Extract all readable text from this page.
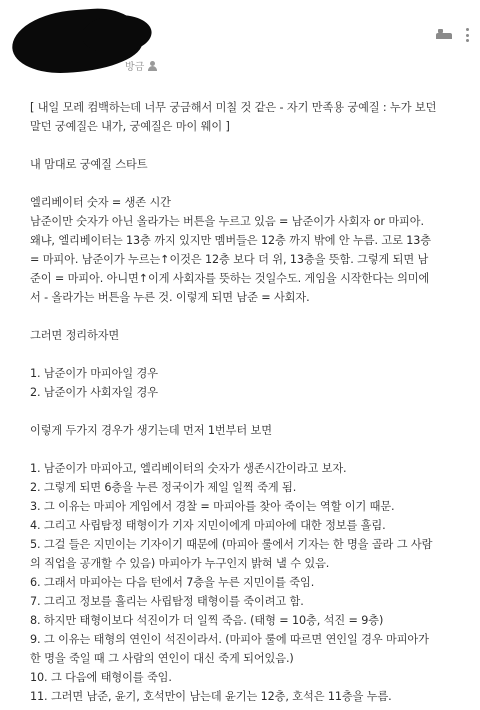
방금
[ 내일 모레 컴백하는데 너무 궁금해서 미칠 것 같은 - 자기 만족용 궁예질 : 누가 보던
말던 궁예질은 내가, 궁예질은 마이 웨이 ]
내 맘대로 궁예질 스타트
엘리베이터 숫자 = 생존 시간
남준이만 숫자가 아닌 올라가는 버튼을 누르고 있음 = 남준이가 사회자 or 마피아.
왜냐, 엘리베이터는 13층 까지 있지만 멤버들은 12층 까지 밖에 안 누름. 고로 13층
= 마피아. 남준이가 누르는↑이것은 12층 보다 더 위, 13층을 뜻함. 그렇게 되면 남
준이 = 마피아. 아니면↑이게 사회자를 뜻하는 것일수도. 게임을 시작한다는 의미에
서 - 올라가는 버튼을 누른 것. 이렇게 되면 남준 = 사회자.
그러면 정리하자면
1. 남준이가 마피아일 경우
2. 남준이가 사회자일 경우
이렇게 두가지 경우가 생기는데 먼저 1번부터 보면
1. 남준이가 마피아고, 엘리베이터의 숫자가 생존시간이라고 보자.
2. 그렇게 되면 6층을 누른 정국이가 제일 일찍 죽게 됨.
3. 그 이유는 마피아 게임에서 경찰 = 마피아를 찾아 죽이는 역할 이기 때문.
4. 그리고 사립탐정 태형이가 기자 지민이에게 마피아에 대한 정보를 흘림.
5. 그걸 들은 지민이는 기자이기 때문에 (마피아 룰에서 기자는 한 명을 골라 그 사람
의 직업을 공개할 수 있음) 마피아가 누구인지 밝혀 낼 수 있음.
6. 그래서 마피아는 다음 턴에서 7층을 누른 지민이를 죽임.
7. 그리고 정보를 흘리는 사립탐정 태형이를 죽이려고 함.
8. 하지만 태형이보다 석진이가 더 일찍 죽음. (태형 = 10층, 석진 = 9층)
9. 그 이유는 태형의 연인이 석진이라서. (마피아 룰에 따르면 연인일 경우 마피아가
한 명을 죽일 때 그 사람의 연인이 대신 죽게 되어있음.)
10. 그 다음에 태형이를 죽임.
11. 그러면 남준, 윤기, 호석만이 남는데 윤기는 12층, 호석은 11층을 누름.
